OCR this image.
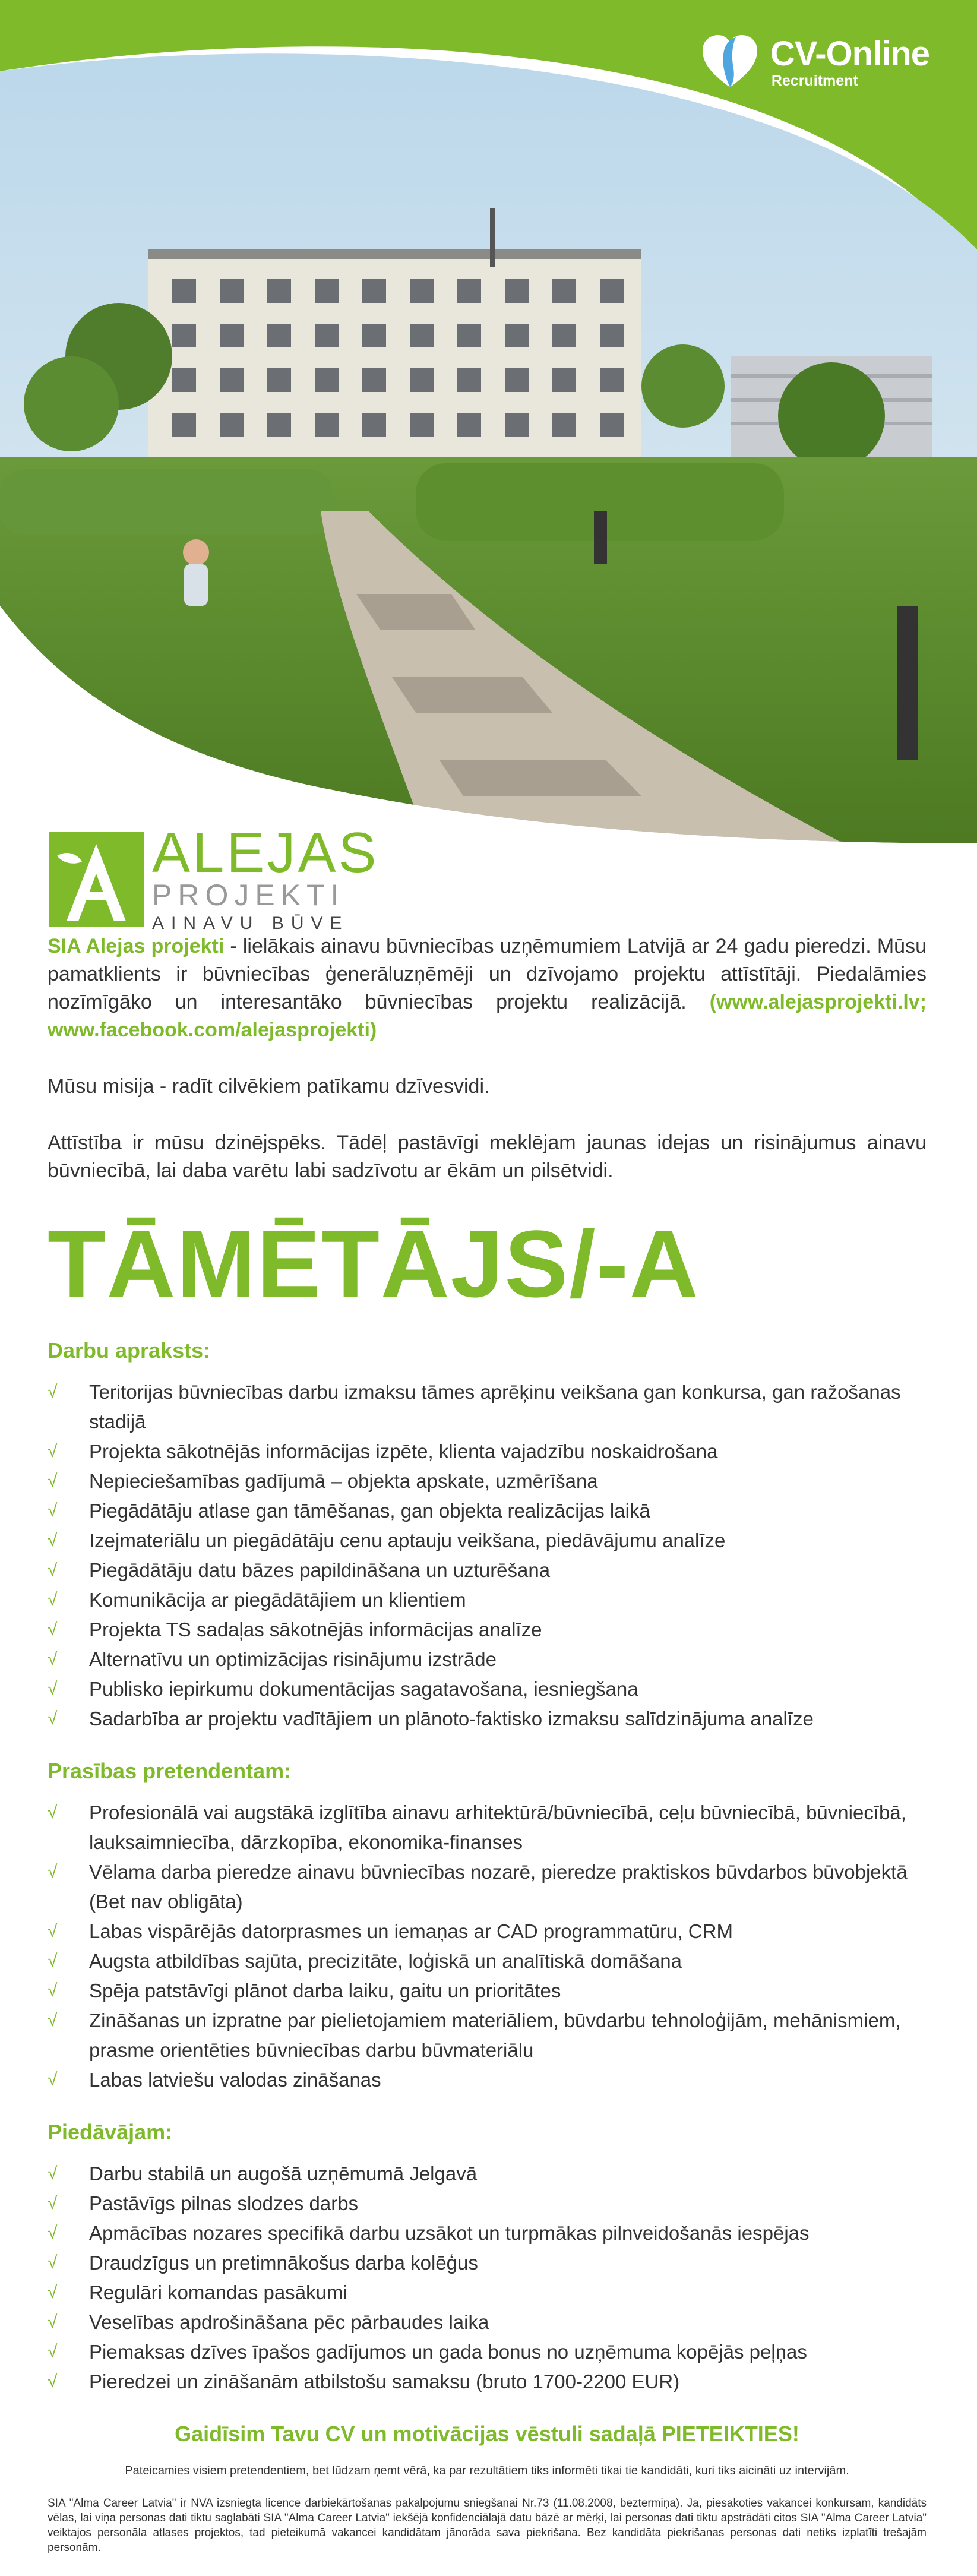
CV-Online
Recruitment
ALEJAS
PROJEKTI
AINAVU BŪVE

SIA Alejas projekti - lielākais ainavu būvniecības uzņēmumiem Latvijā ar 24 gadu pieredzi. Mūsu pamatklients ir būvniecības ģenerāluzņēmēji un dzīvojamo projektu attīstītāji. Piedalāmies nozīmīgāko un interesantāko būvniecības projektu realizācijā. (www.alejasprojekti.lv; www.facebook.com/alejasprojekti)

Mūsu misija - radīt cilvēkiem patīkamu dzīvesvidi.

Attīstība ir mūsu dzinējspēks. Tādēļ pastāvīgi meklējam jaunas idejas un risinājumus ainavu būvniecībā, lai daba varētu labi sadzīvotu ar ēkām un pilsētvidi.

TĀMĒTĀJS/-A
Darbu apraksts:
√ Teritorijas būvniecības darbu izmaksu tāmes aprēķinu veikšana gan konkursa, gan ražošanas stadijā
√ Projekta sākotnējās informācijas izpēte, klienta vajadzību noskaidrošana
√ Nepieciešamības gadījumā – objekta apskate, uzmērīšana
√ Piegādātāju atlase gan tāmēšanas, gan objekta realizācijas laikā
√ Izejmateriālu un piegādātāju cenu aptauju veikšana, piedāvājumu analīze
√ Piegādātāju datu bāzes papildināšana un uzturēšana
√ Komunikācija ar piegādātājiem un klientiem
√ Projekta TS sadaļas sākotnējās informācijas analīze
√ Alternatīvu un optimizācijas risinājumu izstrāde
√ Publisko iepirkumu dokumentācijas sagatavošana, iesniegšana
√ Sadarbība ar projektu vadītājiem un plānoto-faktisko izmaksu salīdzinājuma analīze
Prasības pretendentam:
√ Profesionālā vai augstākā izglītība ainavu arhitektūrā/būvniecībā, ceļu būvniecībā, būvniecībā, lauksaimniecība, dārzkopība, ekonomika-finanses
√ Vēlama darba pieredze ainavu būvniecības nozarē, pieredze praktiskos būvdarbos būvobjektā (Bet nav obligāta)
√ Labas vispārējās datorprasmes un iemaņas ar CAD programmatūru, CRM
√ Augsta atbildības sajūta, precizitāte, loģiskā un analītiskā domāšana
√ Spēja patstāvīgi plānot darba laiku, gaitu un prioritātes
√ Zināšanas un izpratne par pielietojamiem materiāliem, būvdarbu tehnoloģijām, mehānismiem, prasme orientēties būvniecības darbu būvmateriālu
√ Labas latviešu valodas zināšanas
Piedāvājam:
√ Darbu stabilā un augošā uzņēmumā Jelgavā
√ Pastāvīgs pilnas slodzes darbs
√ Apmācības nozares specifikā darbu uzsākot un turpmākas pilnveidošanās iespējas
√ Draudzīgus un pretimnākošus darba kolēģus
√ Regulāri komandas pasākumi
√ Veselības apdrošināšana pēc pārbaudes laika
√ Piemaksas dzīves īpašos gadījumos un gada bonus no uzņēmuma kopējās peļņas
√ Pieredzei un zināšanām atbilstošu samaksu (bruto 1700-2200 EUR)
Gaidīsim Tavu CV un motivācijas vēstuli sadaļā PIETEIKTIES!
Pateicamies visiem pretendentiem, bet lūdzam ņemt vērā, ka par rezultātiem tiks informēti tikai tie kandidāti, kuri tiks aicināti uz intervijām.
SIA "Alma Career Latvia" ir NVA izsniegta licence darbiekārtošanas pakalpojumu sniegšanai Nr.73 (11.08.2008, beztermiņa). Ja, piesakoties vakancei konkursam, kandidāts vēlas, lai viņa personas dati tiktu saglabāti SIA "Alma Career Latvia" iekšējā konfidenciālajā datu bāzē ar mērķi, lai personas dati tiktu apstrādāti citos SIA "Alma Career Latvia" veiktajos personāla atlases projektos, tad pieteikumā vakancei kandidātam jānorāda sava piekrišana. Bez kandidāta piekrišanas personas dati netiks izplatīti trešajām personām.
